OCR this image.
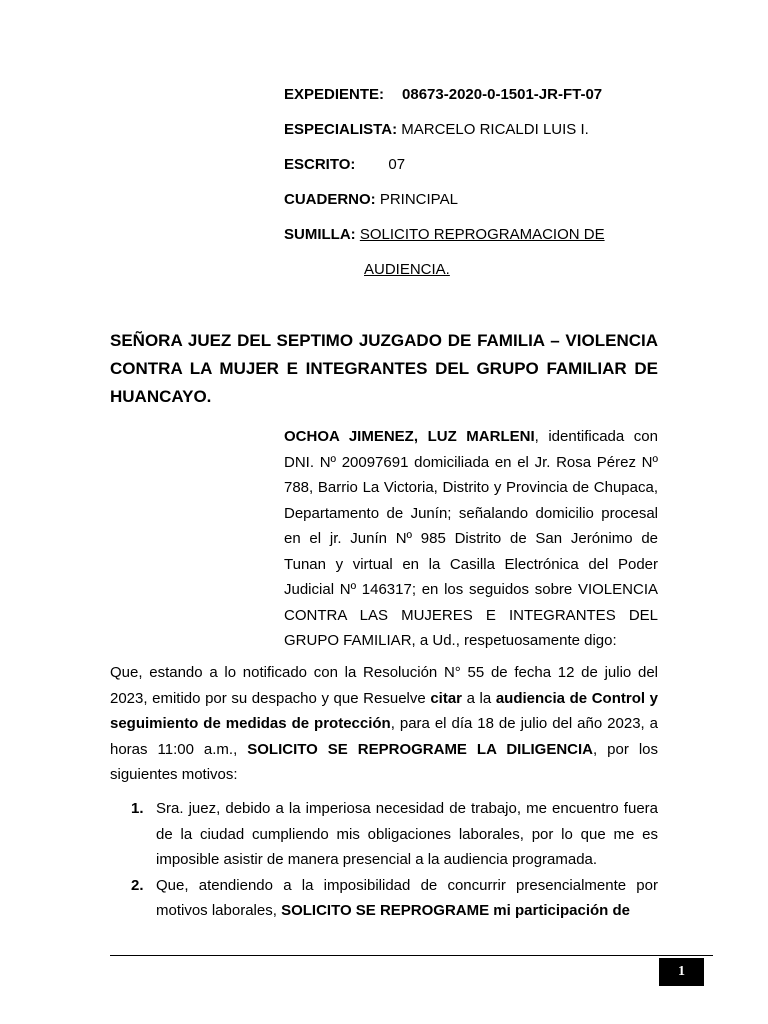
EXPEDIENTE: 08673-2020-0-1501-JR-FT-07
ESPECIALISTA: MARCELO RICALDI LUIS I.
ESCRITO: 07
CUADERNO: PRINCIPAL
SUMILLA: SOLICITO REPROGRAMACION DE
AUDIENCIA.
SEÑORA JUEZ DEL SEPTIMO JUZGADO DE FAMILIA – VIOLENCIA CONTRA LA MUJER E INTEGRANTES DEL GRUPO FAMILIAR DE HUANCAYO.
OCHOA JIMENEZ, LUZ MARLENI, identificada con DNI. Nº 20097691 domiciliada en el Jr. Rosa Pérez Nº 788, Barrio La Victoria, Distrito y Provincia de Chupaca, Departamento de Junín; señalando domicilio procesal en el jr. Junín Nº 985 Distrito de San Jerónimo de Tunan y virtual en la Casilla Electrónica del Poder Judicial Nº 146317; en los seguidos sobre VIOLENCIA CONTRA LAS MUJERES E INTEGRANTES DEL GRUPO FAMILIAR, a Ud., respetuosamente digo:
Que, estando a lo notificado con la Resolución N° 55 de fecha 12 de julio del 2023, emitido por su despacho y que Resuelve citar a la audiencia de Control y seguimiento de medidas de protección, para el día 18 de julio del año 2023, a horas 11:00 a.m., SOLICITO SE REPROGRAME LA DILIGENCIA, por los siguientes motivos:
1. Sra. juez, debido a la imperiosa necesidad de trabajo, me encuentro fuera de la ciudad cumpliendo mis obligaciones laborales, por lo que me es imposible asistir de manera presencial a la audiencia programada.
2. Que, atendiendo a la imposibilidad de concurrir presencialmente por motivos laborales, SOLICITO SE REPROGRAME mi participación de
1
